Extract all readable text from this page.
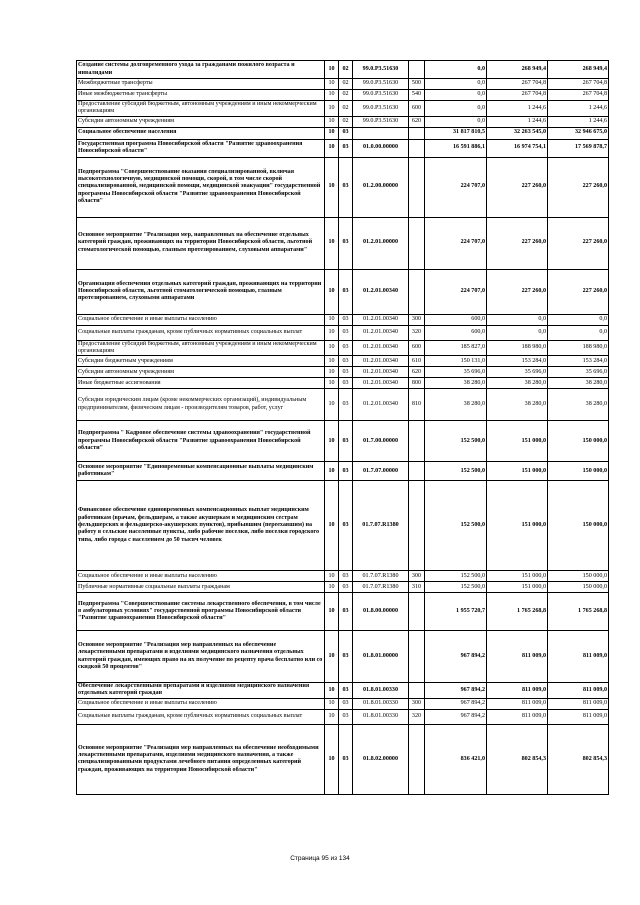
Создание системы долговременного ухода за гражданами пожилого возраста и инвалидами	10	02	99.0.P3.51630		0,0	268 949,4	268 949,4
Межбюджетные трансферты	10	02	99.0.P3.51630	500	0,0	267 704,8	267 704,8
Иные межбюджетные трансферты	10	02	99.0.P3.51630	540	0,0	267 704,8	267 704,8
Предоставление субсидий бюджетным, автономным учреждениям и иным некоммерческим организациям	10	02	99.0.P3.51630	600	0,0	1 244,6	1 244,6
Субсидии автономным учреждениям	10	02	99.0.P3.51630	620	0,0	1 244,6	1 244,6
Социальное обеспечение населения	10	03			31 817 810,5	32 263 545,0	32 946 675,0
Государственная программа Новосибирской области "Развитие здравоохранения Новосибирской области"	10	03	01.0.00.00000		16 591 886,1	16 974 754,1	17 569 878,7
Подпрограмма "Совершенствование оказания специализированной, включая высокотехнологичную, медицинской помощи, скорой, в том числе скорой специализированной, медицинской помощи, медицинской эвакуации" государственной программы Новосибирской области "Развитие здравоохранения Новосибирской области"	10	03	01.2.00.00000		224 707,0	227 260,0	227 260,0
Основное мероприятие "Реализация мер, направленных на обеспечение отдельных категорий граждан, проживающих на территории Новосибирской области, льготной стоматологической помощью, глазным протезированием, слуховыми аппаратами"	10	03	01.2.01.00000		224 707,0	227 260,0	227 260,0
Организация обеспечения отдельных категорий граждан, проживающих на территории Новосибирской области, льготной стоматологической помощью, глазным протезированием, слуховыми аппаратами	10	03	01.2.01.00340		224 707,0	227 260,0	227 260,0
Социальное обеспечение и иные выплаты населению	10	03	01.2.01.00340	300	600,0	0,0	0,0
Социальные выплаты гражданам, кроме публичных нормативных социальных выплат	10	03	01.2.01.00340	320	600,0	0,0	0,0
Предоставление субсидий бюджетным, автономным учреждениям и иным некоммерческим организациям	10	03	01.2.01.00340	600	185 827,0	188 980,0	188 980,0
Субсидии бюджетным учреждениям	10	03	01.2.01.00340	610	150 131,0	153 284,0	153 284,0
Субсидии автономным учреждениям	10	03	01.2.01.00340	620	35 696,0	35 696,0	35 696,0
Иные бюджетные ассигнования	10	03	01.2.01.00340	800	38 280,0	38 280,0	38 280,0
Субсидии юридическим лицам (кроме некоммерческих организаций), индивидуальным предпринимателям, физическим лицам - производителям товаров, работ, услуг	10	03	01.2.01.00340	810	38 280,0	38 280,0	38 280,0
Подпрограмма " Кадровое обеспечение системы здравоохранения" государственной программы Новосибирской области "Развитие здравоохранения Новосибирской области"	10	03	01.7.00.00000		152 500,0	151 000,0	150 000,0
Основное мероприятие "Единовременные компенсационные выплаты медицинским работникам"	10	03	01.7.07.00000		152 500,0	151 000,0	150 000,0
Финансовое обеспечение единовременных компенсационных выплат медицинским работникам (врачам, фельдшерам, а также акушеркам и медицинским сестрам фельдшерских и фельдшерско-акушерских пунктов), прибывшим (переехавшим) на работу в сельские населенные пункты, либо рабочие поселки, либо поселки городского типа, либо города с населением до 50 тысяч человек	10	03	01.7.07.R1380		152 500,0	151 000,0	150 000,0
Социальное обеспечение и иные выплаты населению	10	03	01.7.07.R1380	300	152 500,0	151 000,0	150 000,0
Публичные нормативные социальные выплаты гражданам	10	03	01.7.07.R1380	310	152 500,0	151 000,0	150 000,0
Подпрограмма "Совершенствование системы лекарственного обеспечения, в том числе в амбулаторных условиях" государственной программы Новосибирской области "Развитие здравоохранения Новосибирской области"	10	03	01.8.00.00000		1 955 720,7	1 765 268,8	1 765 268,8
Основное мероприятие "Реализация мер направленных на обеспечение лекарственными препаратами и изделиями медицинского назначения отдельных категорий граждан, имеющих право на их получение по рецепту врача бесплатно или со скидкой 50 процентов"	10	03	01.8.01.00000		967 894,2	811 009,0	811 009,0
Обеспечение лекарственными препаратами и изделиями медицинского назначения отдельных категорий граждан	10	03	01.8.01.00330		967 894,2	811 009,0	811 009,0
Социальное обеспечение и иные выплаты населению	10	03	01.8.01.00330	300	967 894,2	811 009,0	811 009,0
Социальные выплаты гражданам, кроме публичных нормативных социальных выплат	10	03	01.8.01.00330	320	967 894,2	811 009,0	811 009,0
Основное мероприятие "Реализация мер направленных на обеспечение необходимыми лекарственными препаратами, изделиями медицинского назначения, а также специализированными продуктами лечебного питания определенных категорий граждан, проживающих на территории Новосибирской области"	10	03	01.8.02.00000		836 421,0	802 854,3	802 854,3
Страница 95 из 134
